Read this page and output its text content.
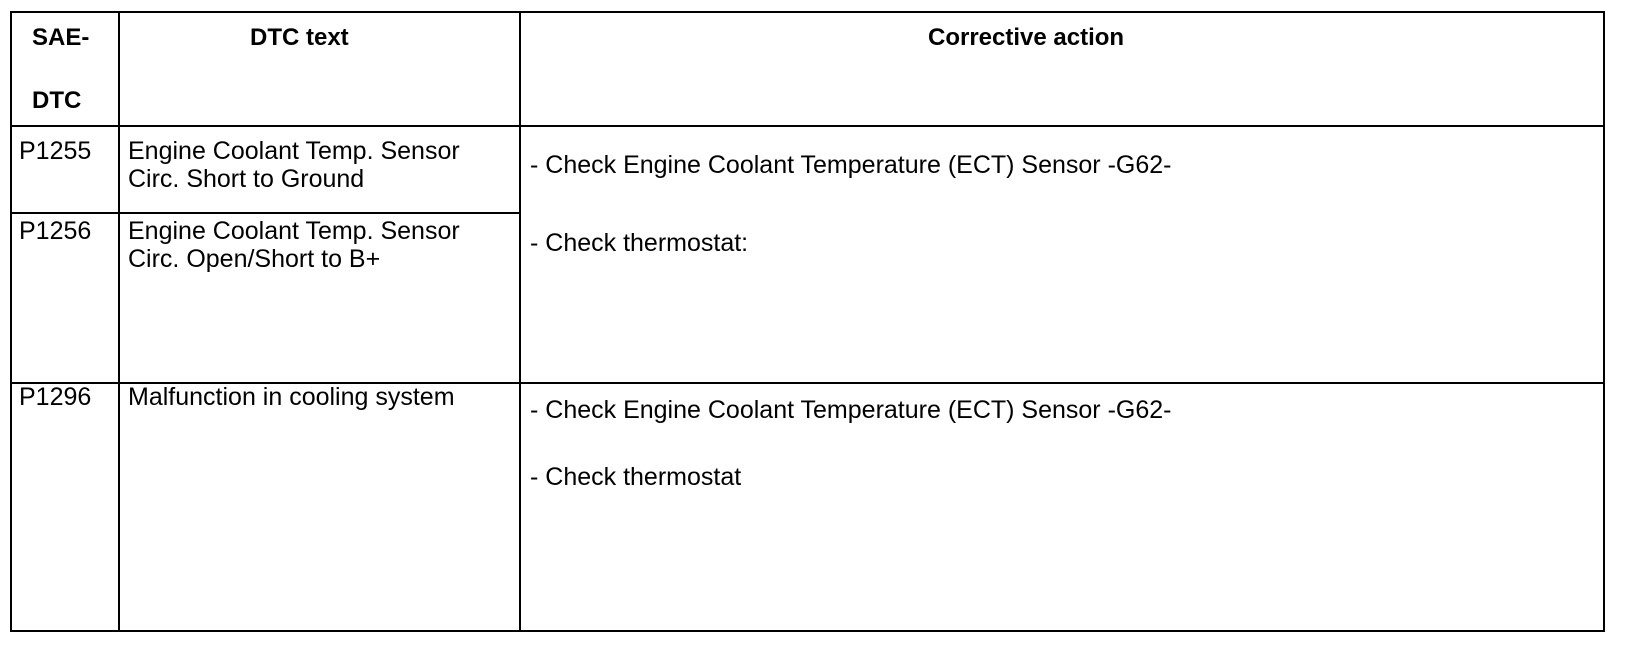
SAE-
DTC
DTC text	Corrective action
P1255 Engine Coolant Temp. Sensor
Circ. Short to Ground
P1256 Engine Coolant Temp. Sensor
Circ. Open/Short to B+
- Check Engine Coolant Temperature (ECT) Sensor -G62-
- Check thermostat:
P1296 Malfunction in cooling system	- Check Engine Coolant Temperature (ECT) Sensor -G62-
- Check thermostat
